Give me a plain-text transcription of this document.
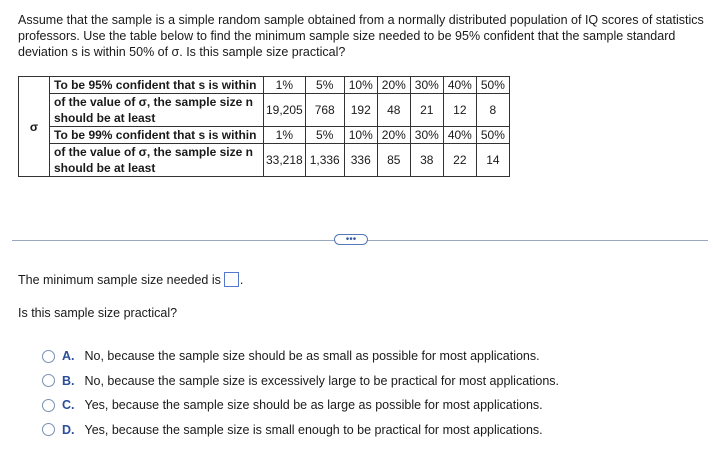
Assume that the sample is a simple random sample obtained from a normally distributed population of IQ scores of statistics professors. Use the table below to find the minimum sample size needed to be 95% confident that the sample standard deviation s is within 50% of σ. Is this sample size practical?
σ	To be 95% confident that s is within	1%	5%	10%	20%	30%	40%	50%
	of the value of σ, the sample size n should be at least	19,205	768	192	48	21	12	8
	To be 99% confident that s is within	1%	5%	10%	20%	30%	40%	50%
	of the value of σ, the sample size n should be at least	33,218	1,336	336	85	38	22	14
•••
The minimum sample size needed is .
Is this sample size practical?
A. No, because the sample size should be as small as possible for most applications.
B. No, because the sample size is excessively large to be practical for most applications.
C. Yes, because the sample size should be as large as possible for most applications.
D. Yes, because the sample size is small enough to be practical for most applications.
